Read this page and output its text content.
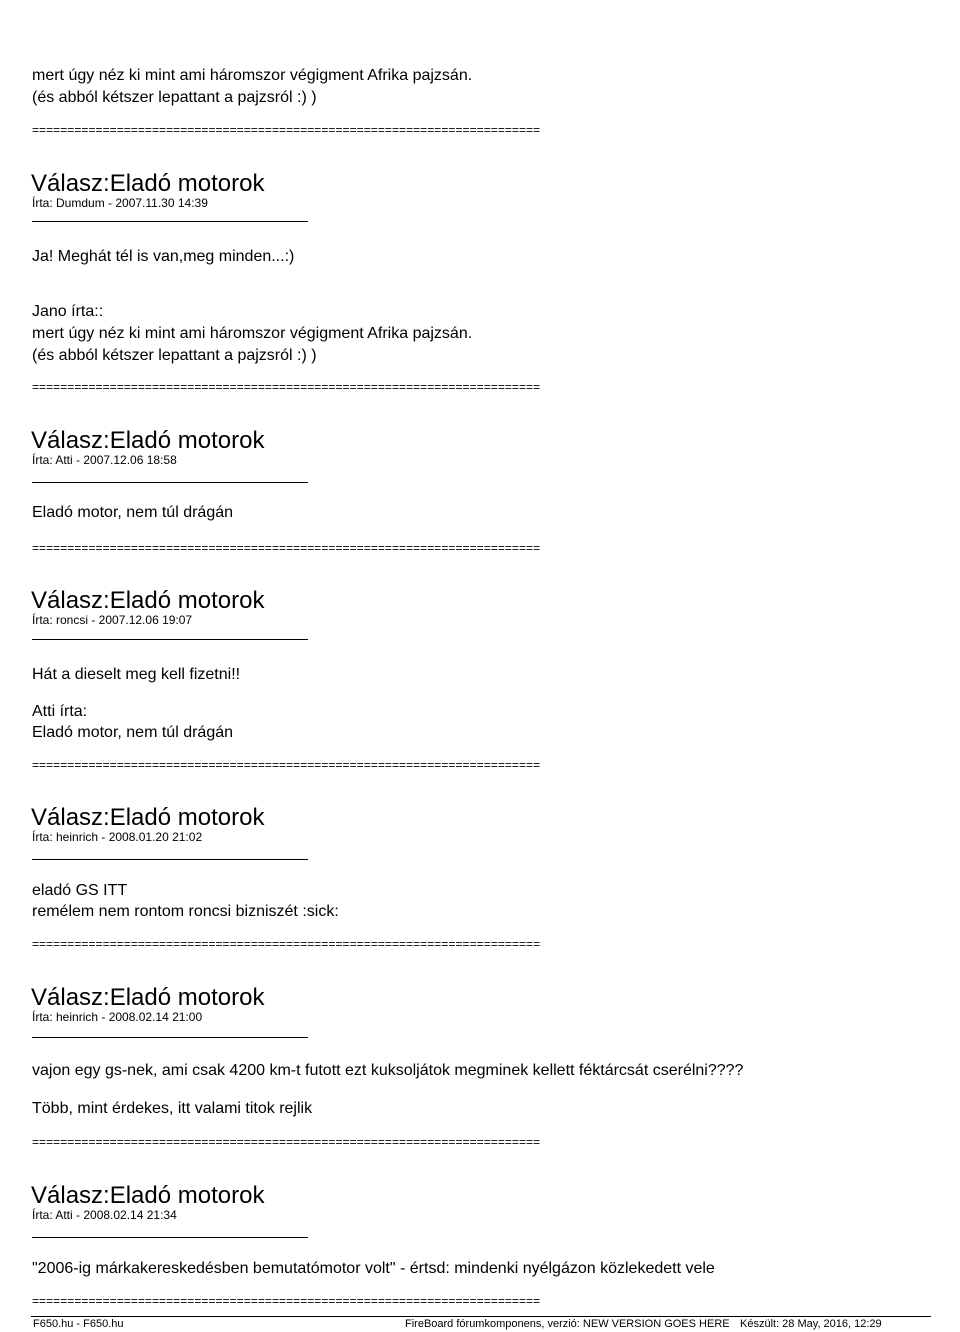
mert úgy néz ki mint ami háromszor végigment Afrika pajzsán.
(és abból kétszer lepattant a pajzsról :) )
========================================================================
Válasz:Eladó motorok
Írta: Dumdum - 2007.11.30 14:39
Ja! Meghát tél is van,meg minden...:)
Jano írta::
mert úgy néz ki mint ami háromszor végigment Afrika pajzsán.
(és abból kétszer lepattant a pajzsról :) )
========================================================================
Válasz:Eladó motorok
Írta: Atti - 2007.12.06 18:58
Eladó motor, nem túl drágán
========================================================================
Válasz:Eladó motorok
Írta: roncsi - 2007.12.06 19:07
Hát a dieselt meg kell fizetni!!
Atti írta:
Eladó motor, nem túl drágán
========================================================================
Válasz:Eladó motorok
Írta: heinrich - 2008.01.20 21:02
eladó GS ITT
remélem nem rontom roncsi bizniszét :sick:
========================================================================
Válasz:Eladó motorok
Írta: heinrich - 2008.02.14 21:00
vajon egy gs-nek, ami csak 4200 km-t futott ezt kuksoljátok megminek kellett féktárcsát cserélni????
Több, mint érdekes, itt valami titok rejlik
========================================================================
Válasz:Eladó motorok
Írta: Atti - 2008.02.14 21:34
"2006-ig márkakereskedésben bemutatómotor volt" - értsd: mindenki nyélgázon közlekedett vele
========================================================================
F650.hu - F650.hu	FireBoard fórumkomponens, verzió: NEW VERSION GOES HERE Készült: 28 May, 2016, 12:29
